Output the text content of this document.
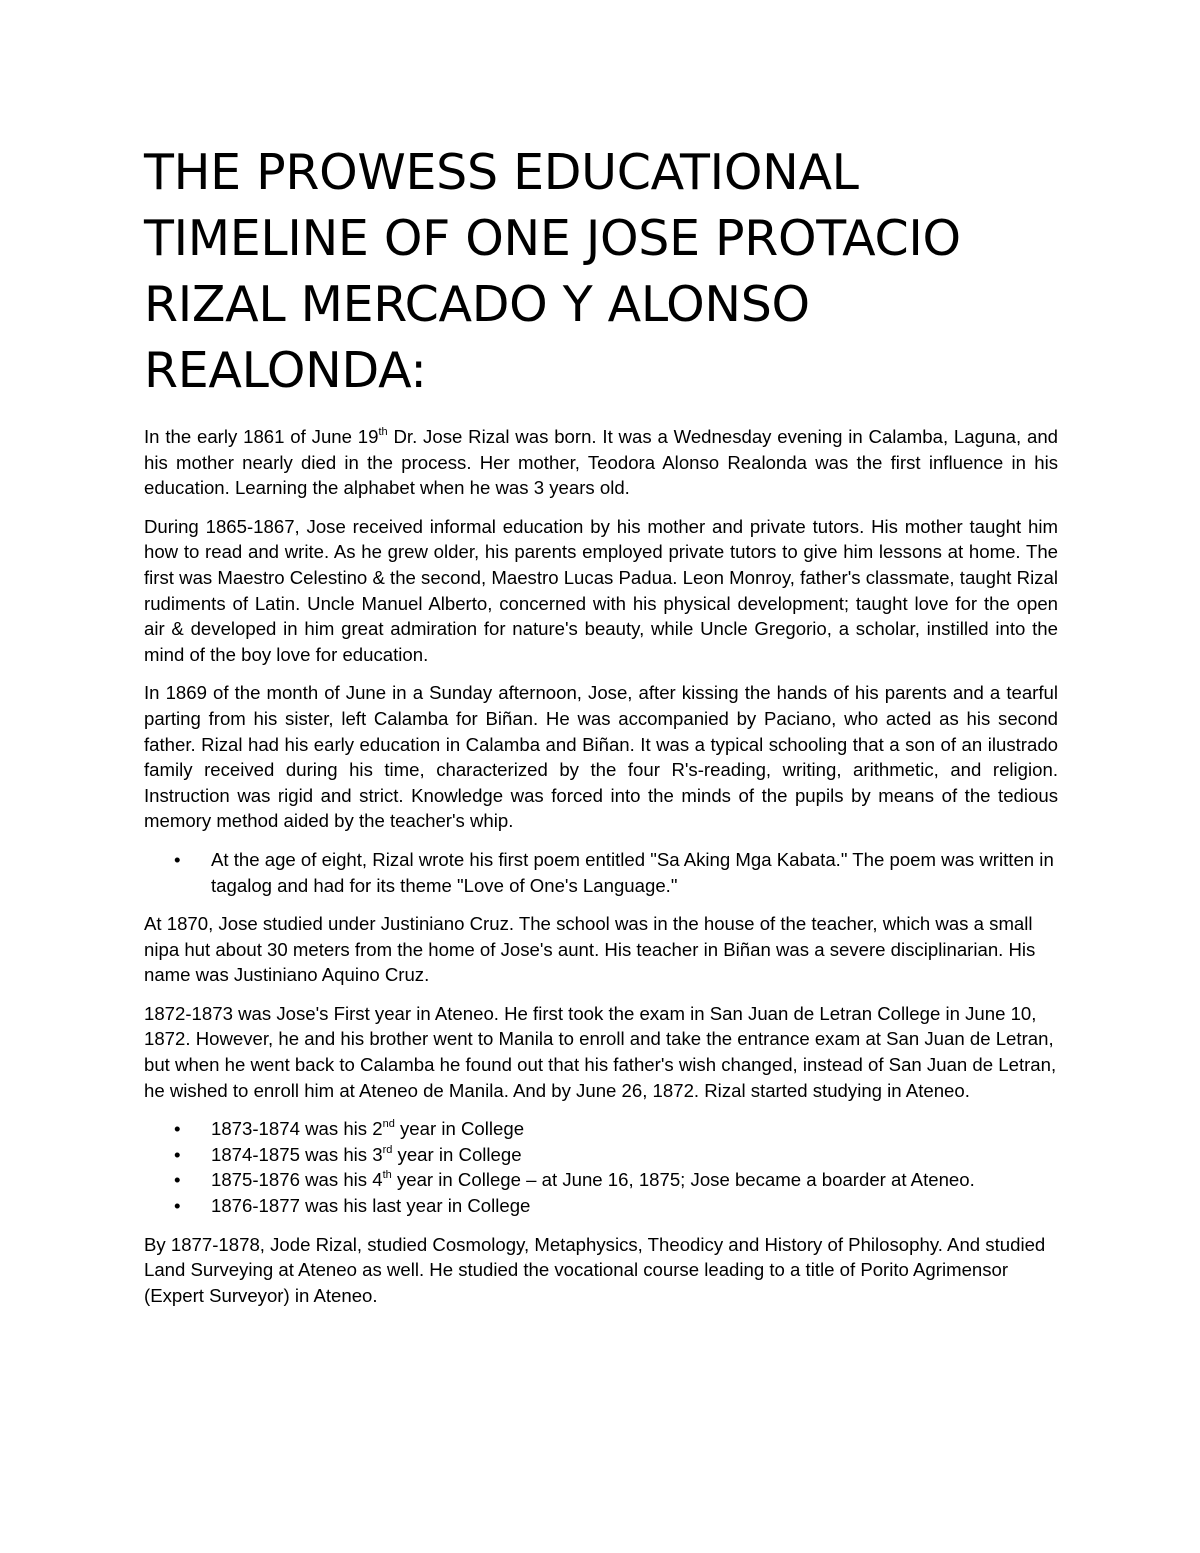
THE PROWESS EDUCATIONAL
TIMELINE OF ONE JOSE PROTACIO
RIZAL MERCADO Y ALONSO
REALONDA:

In the early 1861 of June 19th Dr. Jose Rizal was born. It was a Wednesday evening in Calamba, Laguna, and his mother nearly died in the process. Her mother, Teodora Alonso Realonda was the first influence in his education. Learning the alphabet when he was 3 years old.

During 1865-1867, Jose received informal education by his mother and private tutors. His mother taught him how to read and write. As he grew older, his parents employed private tutors to give him lessons at home. The first was Maestro Celestino & the second, Maestro Lucas Padua. Leon Monroy, father's classmate, taught Rizal rudiments of Latin. Uncle Manuel Alberto, concerned with his physical development; taught love for the open air & developed in him great admiration for nature's beauty, while Uncle Gregorio, a scholar, instilled into the mind of the boy love for education.

In 1869 of the month of June in a Sunday afternoon, Jose, after kissing the hands of his parents and a tearful parting from his sister, left Calamba for Biñan. He was accompanied by Paciano, who acted as his second father. Rizal had his early education in Calamba and Biñan. It was a typical schooling that a son of an ilustrado family received during his time, characterized by the four R's-reading, writing, arithmetic, and religion. Instruction was rigid and strict. Knowledge was forced into the minds of the pupils by means of the tedious memory method aided by the teacher's whip.

• At the age of eight, Rizal wrote his first poem entitled "Sa Aking Mga Kabata." The poem was written in tagalog and had for its theme "Love of One's Language."

At 1870, Jose studied under Justiniano Cruz. The school was in the house of the teacher, which was a small nipa hut about 30 meters from the home of Jose's aunt. His teacher in Biñan was a severe disciplinarian. His name was Justiniano Aquino Cruz.

1872-1873 was Jose's First year in Ateneo. He first took the exam in San Juan de Letran College in June 10, 1872. However, he and his brother went to Manila to enroll and take the entrance exam at San Juan de Letran, but when he went back to Calamba he found out that his father's wish changed, instead of San Juan de Letran, he wished to enroll him at Ateneo de Manila. And by June 26, 1872. Rizal started studying in Ateneo.

• 1873-1874 was his 2nd year in College
• 1874-1875 was his 3rd year in College
• 1875-1876 was his 4th year in College – at June 16, 1875; Jose became a boarder at Ateneo.
• 1876-1877 was his last year in College

By 1877-1878, Jode Rizal, studied Cosmology, Metaphysics, Theodicy and History of Philosophy. And studied Land Surveying at Ateneo as well. He studied the vocational course leading to a title of Porito Agrimensor (Expert Surveyor) in Ateneo.
